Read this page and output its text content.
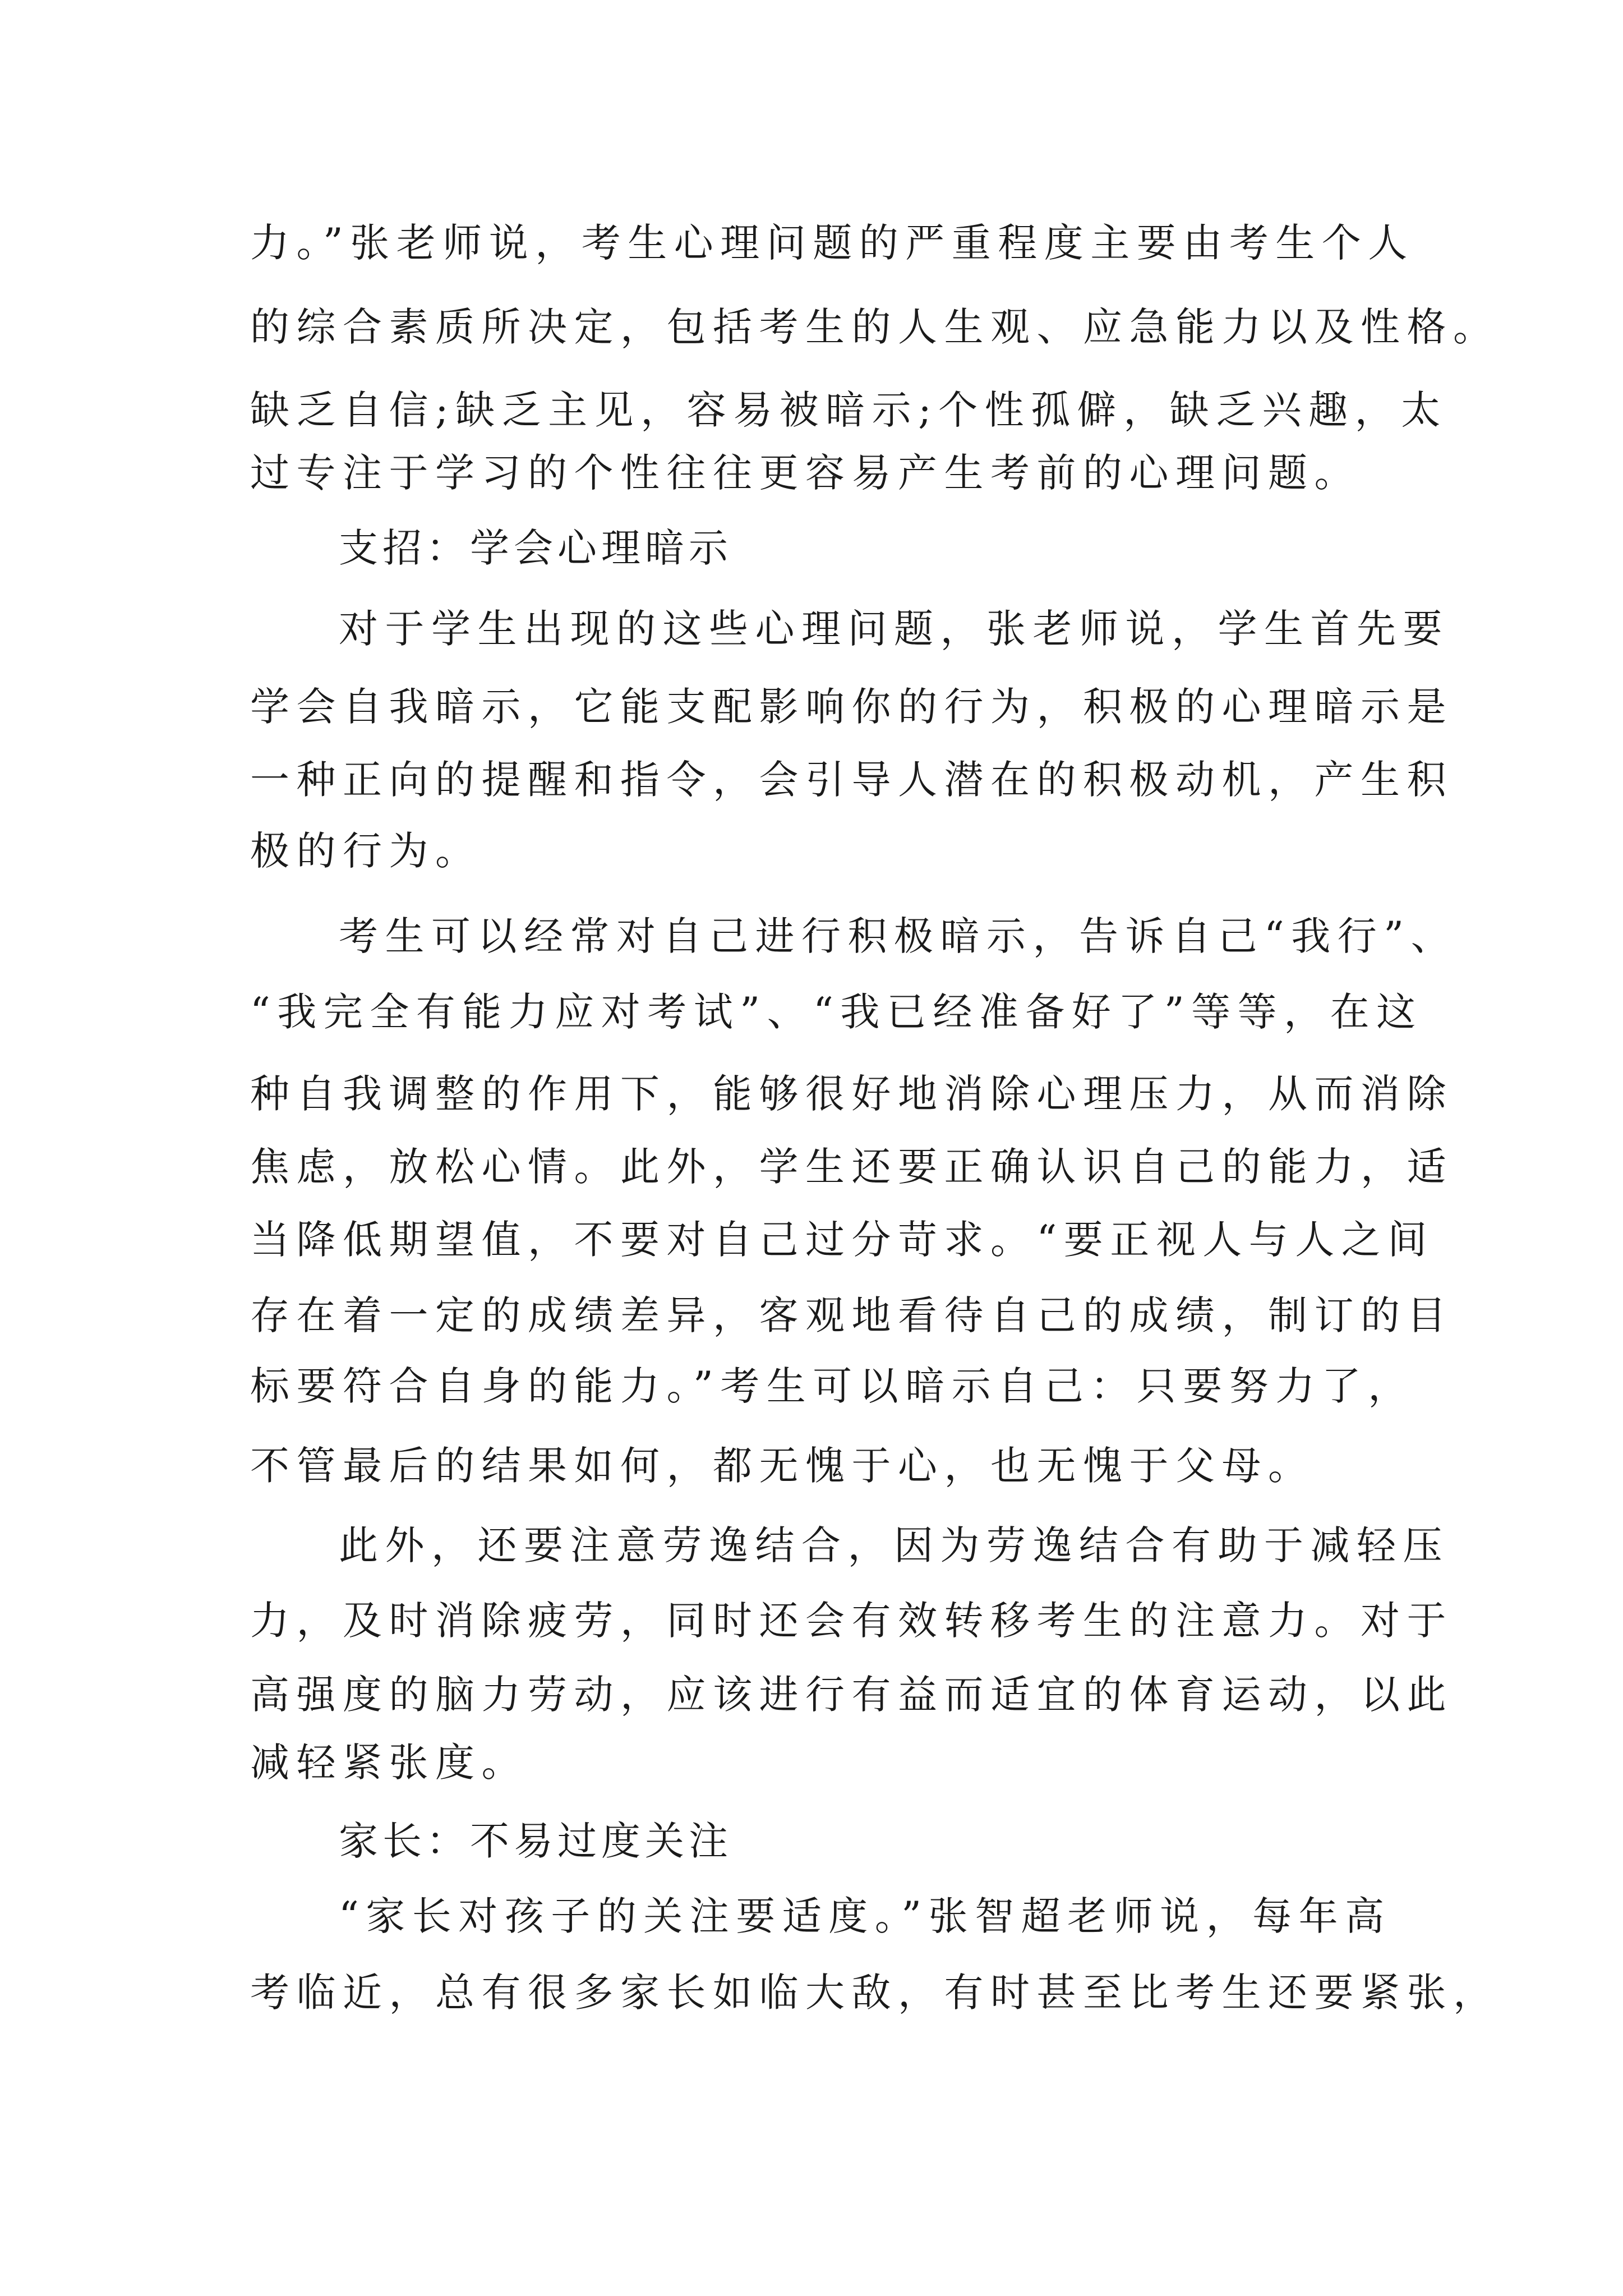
力。”张老师说，考生心理问题的严重程度主要由考生个人
的综合素质所决定，包括考生的人生观、应急能力以及性格。
缺乏自信;缺乏主见，容易被暗示;个性孤僻，缺乏兴趣，太
过专注于学习的个性往往更容易产生考前的心理问题。
支招：学会心理暗示
对于学生出现的这些心理问题，张老师说，学生首先要
学会自我暗示，它能支配影响你的行为，积极的心理暗示是
一种正向的提醒和指令，会引导人潜在的积极动机，产生积
极的行为。
考生可以经常对自己进行积极暗示，告诉自己“我行”、
“我完全有能力应对考试”、“我已经准备好了”等等，在这
种自我调整的作用下，能够很好地消除心理压力，从而消除
焦虑，放松心情。此外，学生还要正确认识自己的能力，适
当降低期望值，不要对自己过分苛求。“要正视人与人之间
存在着一定的成绩差异，客观地看待自己的成绩，制订的目
标要符合自身的能力。”考生可以暗示自己：只要努力了，
不管最后的结果如何，都无愧于心，也无愧于父母。
此外，还要注意劳逸结合，因为劳逸结合有助于减轻压
力，及时消除疲劳，同时还会有效转移考生的注意力。对于
高强度的脑力劳动，应该进行有益而适宜的体育运动，以此
减轻紧张度。
家长：不易过度关注
“家长对孩子的关注要适度。”张智超老师说，每年高
考临近，总有很多家长如临大敌，有时甚至比考生还要紧张，
